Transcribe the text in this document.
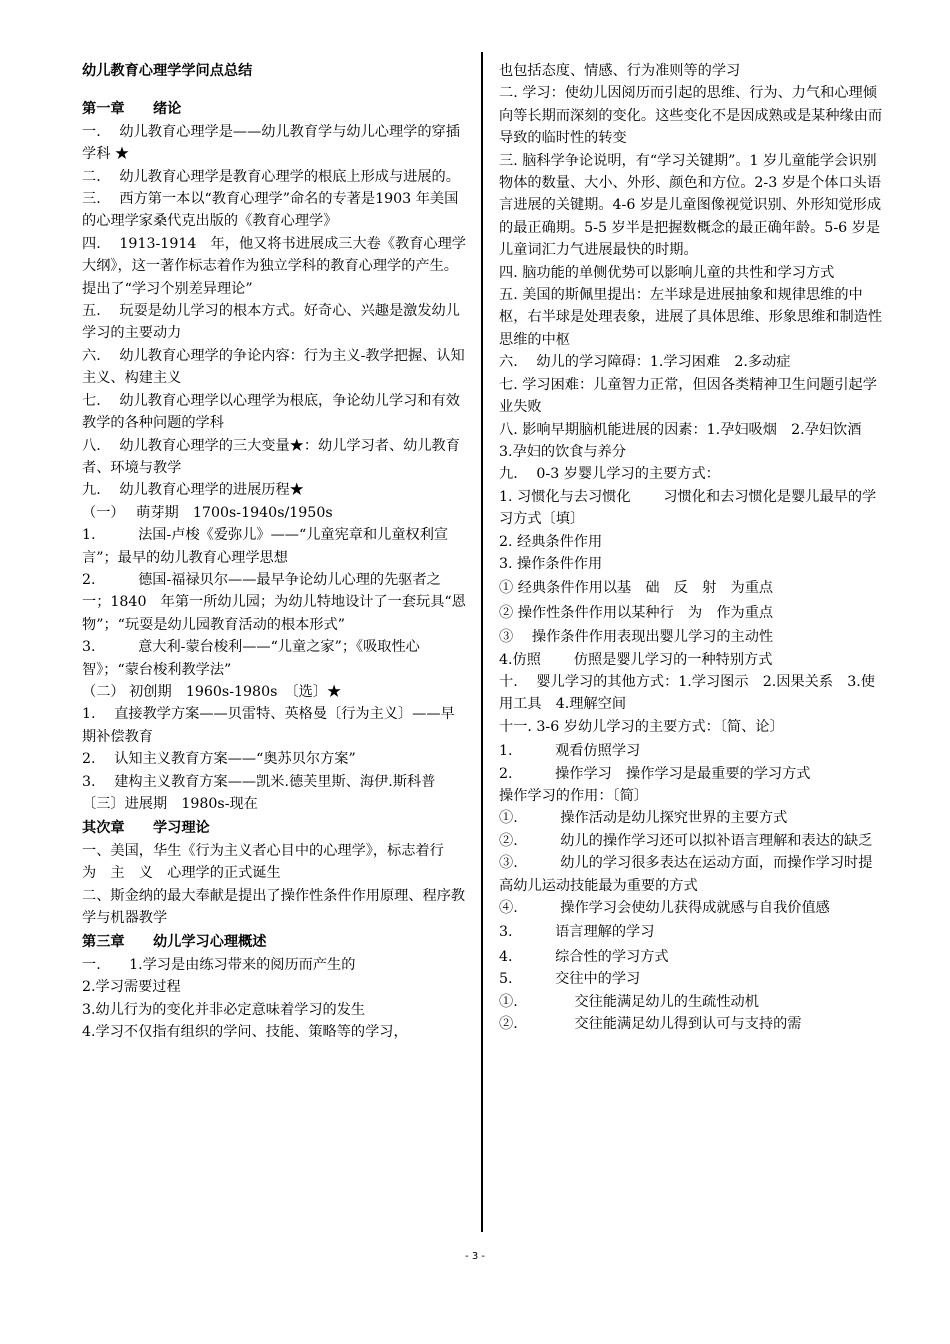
幼儿教育心理学学问点总结

第一章　　绪论

一.　 幼儿教育心理学是——幼儿教育学与幼儿心理学的穿插学科 ★

二.　 幼儿教育心理学是教育心理学的根底上形成与进展的。

三.　 西方第一本以“教育心理学”命名的专著是1903 年美国的心理学家桑代克出版的《教育心理学》

四.　 1913-1914　年，他又将书进展成三大卷《教育心理学大纲》，这一著作标志着作为独立学科的教育心理学的产生。提出了“学习个别差异理论”

五.　 玩耍是幼儿学习的根本方式。好奇心、兴趣是激发幼儿学习的主要动力

六.　 幼儿教育心理学的争论内容：行为主义-教学把握、认知主义、构建主义

七.　 幼儿教育心理学以心理学为根底，争论幼儿学习和有效教学的各种问题的学科

八.　 幼儿教育心理学的三大变量★：幼儿学习者、幼儿教育者、环境与教学

九.　 幼儿教育心理学的进展历程★

（一）　 萌芽期　1700s-1940s/1950s

1.　　　法国-卢梭《爱弥儿》——“儿童宪章和儿童权利宣言”；最早的幼儿教育心理学思想

2.　　　德国-福禄贝尔——最早争论幼儿心理的先驱者之一；1840　年第一所幼儿园；为幼儿特地设计了一套玩具“恩物”；“玩耍是幼儿园教育活动的根本形式”

3.　　　意大利-蒙台梭利——“儿童之家”；《吸取性心智》；“蒙台梭利教学法”

（二） 初创期　1960s-1980s　〔选〕★

1.　 直接教学方案——贝雷特、英格曼〔行为主义〕——早期补偿教育

2.　 认知主义教育方案——“奥苏贝尔方案”

3.　 建构主义教育方案——凯米.德芙里斯、海伊.斯科普

〔三〕进展期　1980s-现在

其次章　　学习理论

一、美国，华生《行为主义者心目中的心理学》，标志着行　为　主　义　心理学的正式诞生

二、斯金纳的最大奉献是提出了操作性条件作用原理、程序教学与机器教学

第三章　　幼儿学习心理概述

一.　　1.学习是由练习带来的阅历而产生的

2.学习需要过程

3.幼儿行为的变化并非必定意味着学习的发生

4.学习不仅指有组织的学问、技能、策略等的学习，

也包括态度、情感、行为准则等的学习

二. 学习：使幼儿因阅历而引起的思维、行为、力气和心理倾向等长期而深刻的变化。这些变化不是因成熟或是某种缘由而导致的临时性的转变

三. 脑科学争论说明，有“学习关键期”。1 岁儿童能学会识别物体的数量、大小、外形、颜色和方位。2-3 岁是个体口头语言进展的关键期。4-6 岁是儿童图像视觉识别、外形知觉形成的最正确期。5-5 岁半是把握数概念的最正确年龄。5-6 岁是儿童词汇力气进展最快的时期。

四. 脑功能的单侧优势可以影响儿童的共性和学习方式

五. 美国的斯佩里提出：左半球是进展抽象和规律思维的中枢，右半球是处理表象，进展了具体思维、形象思维和制造性思维的中枢

六.　 幼儿的学习障碍：1.学习困难　2.多动症

七. 学习困难：儿童智力正常，但因各类精神卫生问题引起学业失败

八. 影响早期脑机能进展的因素：1.孕妇吸烟　2.孕妇饮酒　3.孕妇的饮食与养分

九.　 0-3 岁婴儿学习的主要方式：

1. 习惯化与去习惯化　　 习惯化和去习惯化是婴儿最早的学习方式〔填〕

2. 经典条件作用

3. 操作条件作用

① 经典条件作用以基　础　反　射　为重点

② 操作性条件作用以某种行　为　作为重点

③　 操作条件作用表现出婴儿学习的主动性

4.仿照　　 仿照是婴儿学习的一种特别方式

十.　 婴儿学习的其他方式：1.学习图示　2.因果关系　3.使用工具　4.理解空间

十一. 3-6 岁幼儿学习的主要方式：〔简、论〕

1.　　　观看仿照学习

2.　　　操作学习　操作学习是最重要的学习方式

操作学习的作用：〔简〕

①.　　　操作活动是幼儿探究世界的主要方式

②.　　　幼儿的操作学习还可以拟补语言理解和表达的缺乏

③.　　　幼儿的学习很多表达在运动方面，而操作学习时提高幼儿运动技能最为重要的方式

④.　　　操作学习会使幼儿获得成就感与自我价值感

3.　　　语言理解的学习

4.　　　综合性的学习方式

5.　　　交往中的学习

①.　　　　交往能满足幼儿的生疏性动机

②.　　　　交往能满足幼儿得到认可与支持的需

- 3 -
